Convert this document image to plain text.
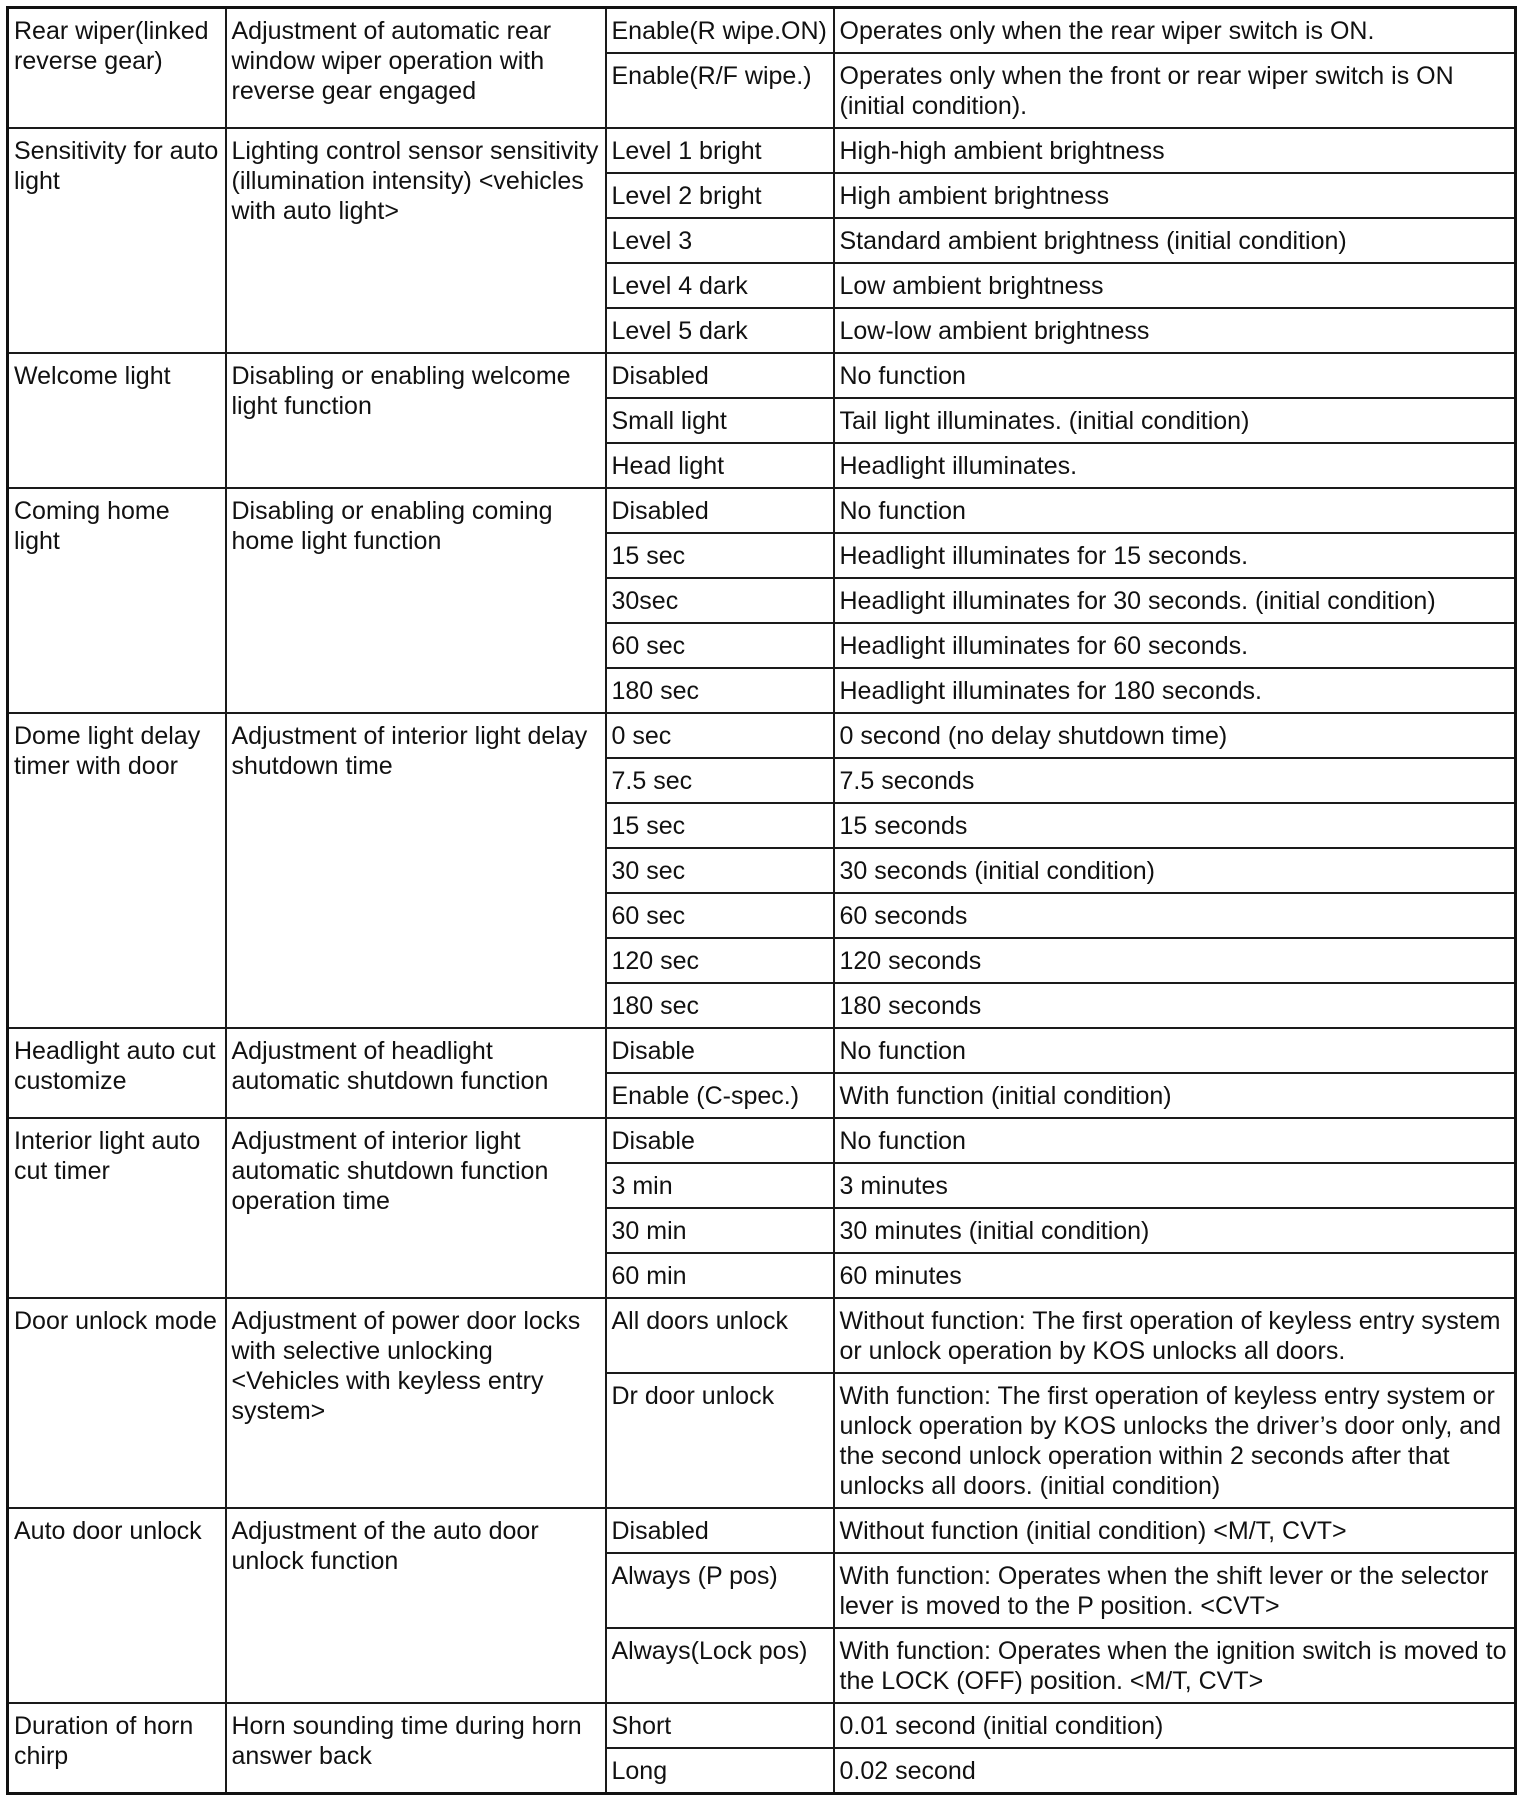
Rear wiper(linked reverse gear)	Adjustment of automatic rear window wiper operation with reverse gear engaged	Enable(R wipe.ON)	Operates only when the rear wiper switch is ON.
		Enable(R/F wipe.)	Operates only when the front or rear wiper switch is ON (initial condition).
Sensitivity for auto light	Lighting control sensor sensitivity (illumination intensity) <vehicles with auto light>	Level 1 bright	High-high ambient brightness
		Level 2 bright	High ambient brightness
		Level 3	Standard ambient brightness (initial condition)
		Level 4 dark	Low ambient brightness
		Level 5 dark	Low-low ambient brightness
Welcome light	Disabling or enabling welcome light function	Disabled	No function
		Small light	Tail light illuminates. (initial condition)
		Head light	Headlight illuminates.
Coming home light	Disabling or enabling coming home light function	Disabled	No function
		15 sec	Headlight illuminates for 15 seconds.
		30sec	Headlight illuminates for 30 seconds. (initial condition)
		60 sec	Headlight illuminates for 60 seconds.
		180 sec	Headlight illuminates for 180 seconds.
Dome light delay timer with door	Adjustment of interior light delay shutdown time	0 sec	0 second (no delay shutdown time)
		7.5 sec	7.5 seconds
		15 sec	15 seconds
		30 sec	30 seconds (initial condition)
		60 sec	60 seconds
		120 sec	120 seconds
		180 sec	180 seconds
Headlight auto cut customize	Adjustment of headlight automatic shutdown function	Disable	No function
		Enable (C-spec.)	With function (initial condition)
Interior light auto cut timer	Adjustment of interior light automatic shutdown function operation time	Disable	No function
		3 min	3 minutes
		30 min	30 minutes (initial condition)
		60 min	60 minutes
Door unlock mode	Adjustment of power door locks with selective unlocking <Vehicles with keyless entry system>	All doors unlock	Without function: The first operation of keyless entry system or unlock operation by KOS unlocks all doors.
		Dr door unlock	With function: The first operation of keyless entry system or unlock operation by KOS unlocks the driver’s door only, and the second unlock operation within 2 seconds after that unlocks all doors. (initial condition)
Auto door unlock	Adjustment of the auto door unlock function	Disabled	Without function (initial condition) <M/T, CVT>
		Always (P pos)	With function: Operates when the shift lever or the selector lever is moved to the P position. <CVT>
		Always(Lock pos)	With function: Operates when the ignition switch is moved to the LOCK (OFF) position. <M/T, CVT>
Duration of horn chirp	Horn sounding time during horn answer back	Short	0.01 second (initial condition)
		Long	0.02 second
